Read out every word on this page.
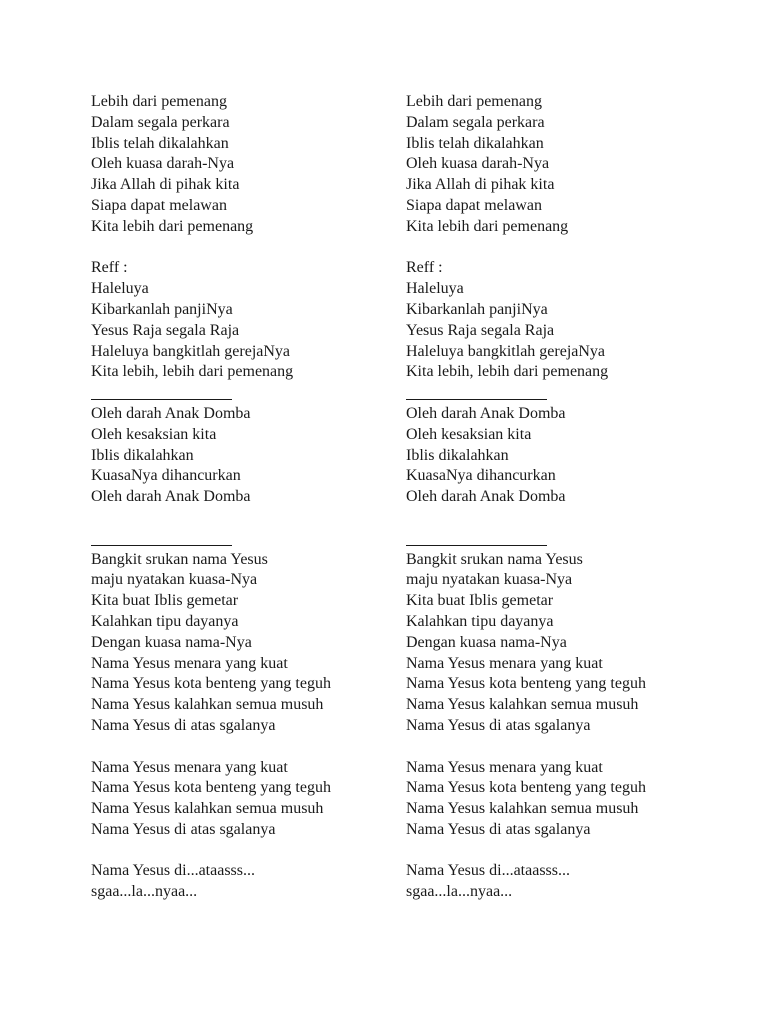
Lebih dari pemenang
Dalam segala perkara
Iblis telah dikalahkan
Oleh kuasa darah-Nya
Jika Allah di pihak kita
Siapa dapat melawan
Kita lebih dari pemenang
Reff :
Haleluya
Kibarkanlah panjiNya
Yesus Raja segala Raja
Haleluya bangkitlah gerejaNya
Kita lebih, lebih dari pemenang
Oleh darah Anak Domba
Oleh kesaksian kita
Iblis dikalahkan
KuasaNya dihancurkan
Oleh darah Anak Domba
Bangkit srukan nama Yesus
maju nyatakan kuasa-Nya
Kita buat Iblis gemetar
Kalahkan tipu dayanya
Dengan kuasa nama-Nya
Nama Yesus menara yang kuat
Nama Yesus kota benteng yang teguh
Nama Yesus kalahkan semua musuh
Nama Yesus di atas sgalanya
Nama Yesus menara yang kuat
Nama Yesus kota benteng yang teguh
Nama Yesus kalahkan semua musuh
Nama Yesus di atas sgalanya
Nama Yesus di...ataasss...
sgaa...la...nyaa...
Lebih dari pemenang
Dalam segala perkara
Iblis telah dikalahkan
Oleh kuasa darah-Nya
Jika Allah di pihak kita
Siapa dapat melawan
Kita lebih dari pemenang
Reff :
Haleluya
Kibarkanlah panjiNya
Yesus Raja segala Raja
Haleluya bangkitlah gerejaNya
Kita lebih, lebih dari pemenang
Oleh darah Anak Domba
Oleh kesaksian kita
Iblis dikalahkan
KuasaNya dihancurkan
Oleh darah Anak Domba
Bangkit srukan nama Yesus
maju nyatakan kuasa-Nya
Kita buat Iblis gemetar
Kalahkan tipu dayanya
Dengan kuasa nama-Nya
Nama Yesus menara yang kuat
Nama Yesus kota benteng yang teguh
Nama Yesus kalahkan semua musuh
Nama Yesus di atas sgalanya
Nama Yesus menara yang kuat
Nama Yesus kota benteng yang teguh
Nama Yesus kalahkan semua musuh
Nama Yesus di atas sgalanya
Nama Yesus di...ataasss...
sgaa...la...nyaa...
